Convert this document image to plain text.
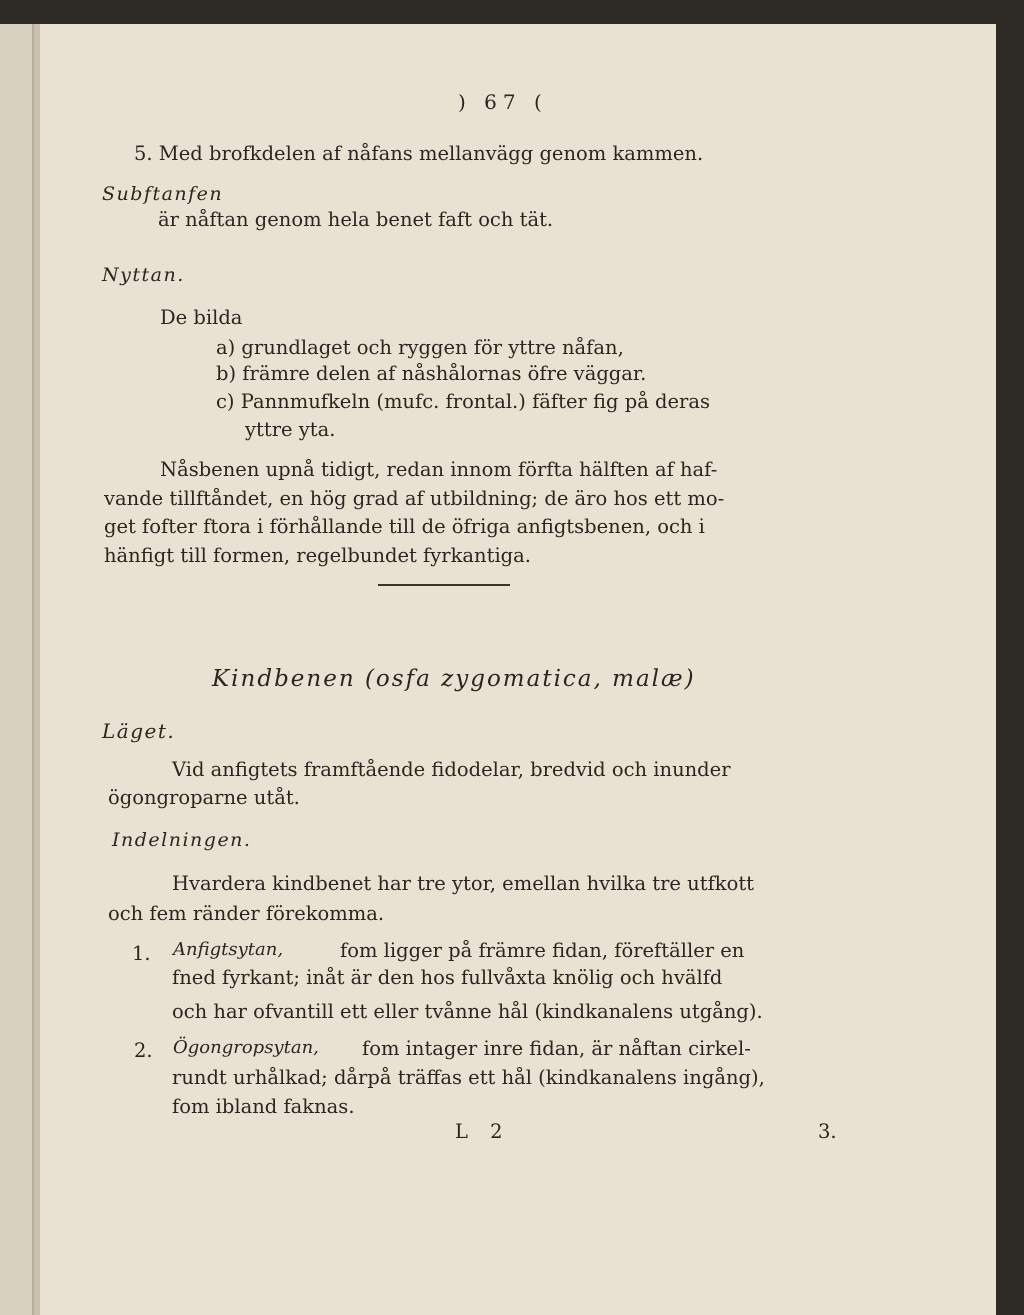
) 67 (
5. Med brofkdelen af nåfans mellanvägg genom kammen.
Subftanfen
är nåftan genom hela benet faft och tät.
Nyttan.
De bilda
a) grundlaget och ryggen för yttre nåfan,
b) främre delen af nåshålornas öfre väggar.
c) Pannmufkeln (mufc. frontal.) fäfter fig på deras
yttre yta.
Nåsbenen upnå tidigt, redan innom förfta hälften af haf-
vande tillftåndet, en hög grad af utbildning; de äro hos ett mo-
get fofter ftora i förhållande till de öfriga anfigtsbenen, och i
hänfigt till formen, regelbundet fyrkantiga.
Kindbenen (osfa zygomatica, malæ)
Läget.
Vid anfigtets framftående fidodelar, bredvid och inunder
ögongroparne utåt.
Indelningen.
Hvardera kindbenet har tre ytor, emellan hvilka tre utfkott
och fem ränder förekomma.
1. Anfigtsytan,	fom ligger på främre fidan, föreftäller en
fned fyrkant; inåt är den hos fullvåxta knölig och hvälfd
och har ofvantill ett eller tvånne hål (kindkanalens utgång).
2. Ögongropsytan, fom intager inre fidan, är nåftan cirkel-
rundt urhålkad; dårpå träffas ett hål (kindkanalens ingång),
fom ibland faknas.
L 2	3.
